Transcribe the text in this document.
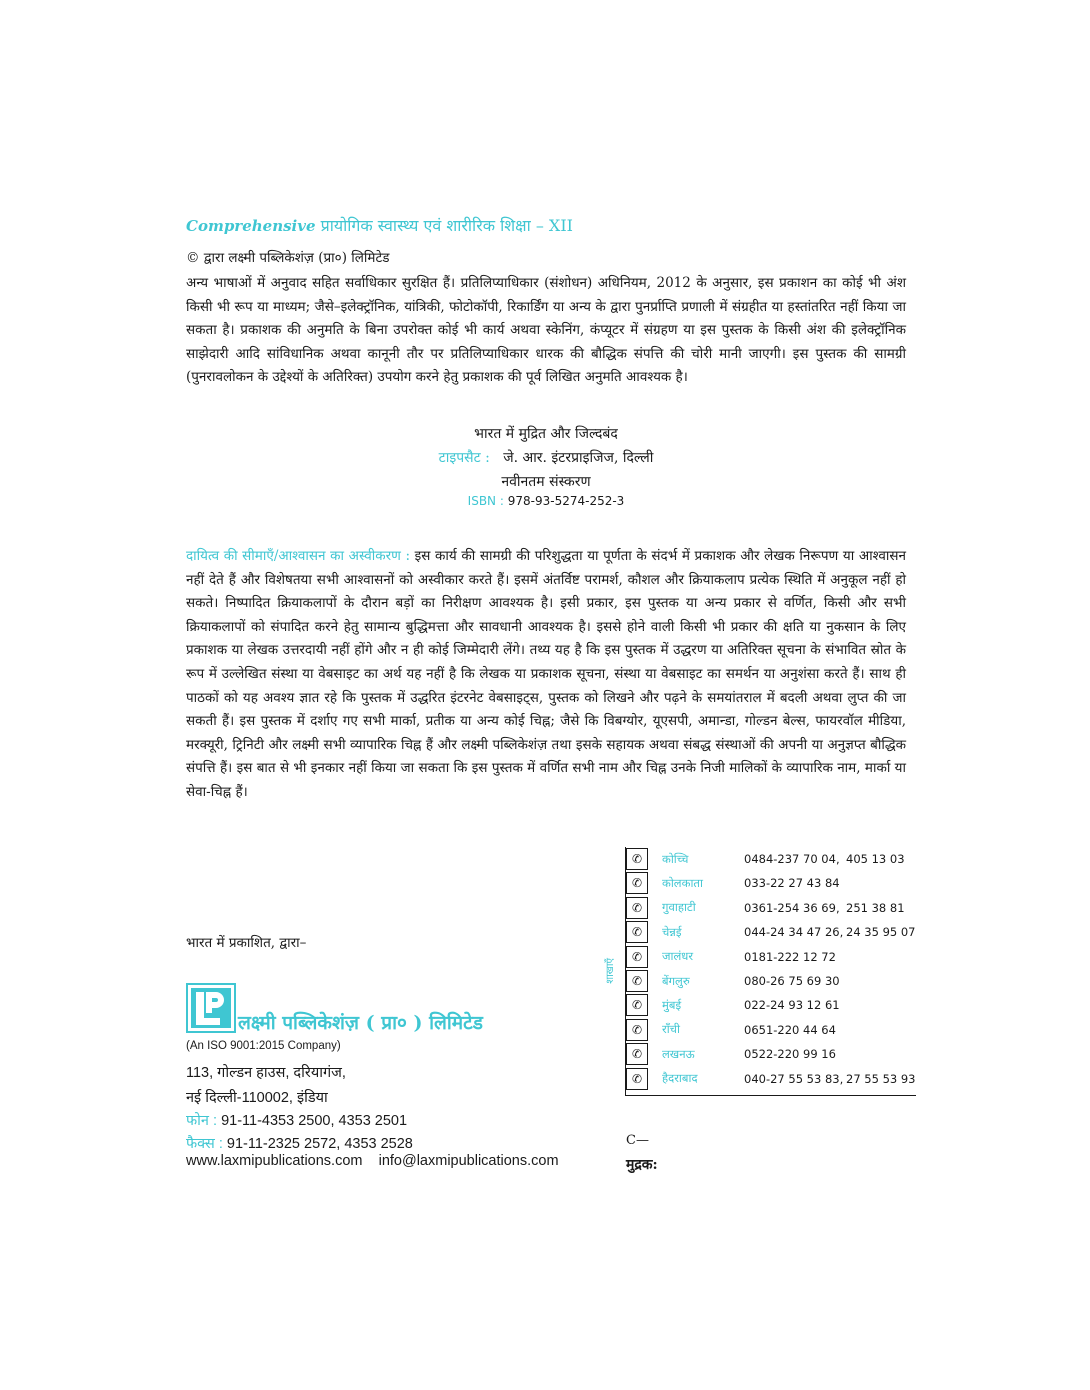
Comprehensive प्रायोगिक स्वास्थ्य एवं शारीरिक शिक्षा – XII
© द्वारा लक्ष्मी पब्लिकेशंज़ (प्रा०) लिमिटेड

अन्य भाषाओं में अनुवाद सहित सर्वाधिकार सुरक्षित हैं। प्रतिलिप्याधिकार (संशोधन) अधिनियम, 2012 के अनुसार, इस प्रकाशन का कोई भी अंश किसी भी रूप या माध्यम; जैसे–इलेक्ट्रॉनिक, यांत्रिकी, फोटोकॉपी, रिकार्डिंग या अन्य के द्वारा पुनर्प्राप्ति प्रणाली में संग्रहीत या हस्तांतरित नहीं किया जा सकता है। प्रकाशक की अनुमति के बिना उपरोक्त कोई भी कार्य अथवा स्केनिंग, कंप्यूटर में संग्रहण या इस पुस्तक के किसी अंश की इलेक्ट्रॉनिक साझेदारी आदि सांविधानिक अथवा कानूनी तौर पर प्रतिलिप्याधिकार धारक की बौद्धिक संपत्ति की चोरी मानी जाएगी। इस पुस्तक की सामग्री (पुनरावलोकन के उद्देश्यों के अतिरिक्त) उपयोग करने हेतु प्रकाशक की पूर्व लिखित अनुमति आवश्यक है।

भारत में मुद्रित और जिल्दबंद
टाइपसैट : जे. आर. इंटरप्राइजिज, दिल्ली
नवीनतम संस्करण
ISBN : 978-93-5274-252-3

दायित्व की सीमाएँ/आश्वासन का अस्वीकरण : इस कार्य की सामग्री की परिशुद्धता या पूर्णता के संदर्भ में प्रकाशक और लेखक निरूपण या आश्वासन नहीं देते हैं और विशेषतया सभी आश्वासनों को अस्वीकार करते हैं। इसमें अंतर्विष्ट परामर्श, कौशल और क्रियाकलाप प्रत्येक स्थिति में अनुकूल नहीं हो सकते। निष्पादित क्रियाकलापों के दौरान बड़ों का निरीक्षण आवश्यक है। इसी प्रकार, इस पुस्तक या अन्य प्रकार से वर्णित, किसी और सभी क्रियाकलापों को संपादित करने हेतु सामान्य बुद्धिमत्ता और सावधानी आवश्यक है। इससे होने वाली किसी भी प्रकार की क्षति या नुकसान के लिए प्रकाशक या लेखक उत्तरदायी नहीं होंगे और न ही कोई जिम्मेदारी लेंगे। तथ्य यह है कि इस पुस्तक में उद्धरण या अतिरिक्त सूचना के संभावित स्रोत के रूप में उल्लेखित संस्था या वेबसाइट का अर्थ यह नहीं है कि लेखक या प्रकाशक सूचना, संस्था या वेबसाइट का समर्थन या अनुशंसा करते हैं। साथ ही पाठकों को यह अवश्य ज्ञात रहे कि पुस्तक में उद्धरित इंटरनेट वेबसाइट्स, पुस्तक को लिखने और पढ़ने के समयांतराल में बदली अथवा लुप्त की जा सकती हैं। इस पुस्तक में दर्शाए गए सभी मार्का, प्रतीक या अन्य कोई चिह्न; जैसे कि विबग्योर, यूएसपी, अमान्डा, गोल्डन बेल्स, फायरवॉल मीडिया, मरक्यूरी, ट्रिनिटी और लक्ष्मी सभी व्यापारिक चिह्न हैं और लक्ष्मी पब्लिकेशंज़ तथा इसके सहायक अथवा संबद्ध संस्थाओं की अपनी या अनुज्ञप्त बौद्धिक संपत्ति हैं। इस बात से भी इनकार नहीं किया जा सकता कि इस पुस्तक में वर्णित सभी नाम और चिह्न उनके निजी मालिकों के व्यापारिक नाम, मार्का या सेवा-चिह्न हैं।

भारत में प्रकाशित, द्वारा–
लक्ष्मी पब्लिकेशंज़ ( प्रा० ) लिमिटेड
(An ISO 9001:2015 Company)
113, गोल्डन हाउस, दरियागंज,
नई दिल्ली-110002, इंडिया
फोन : 91-11-4353 2500, 4353 2501
फैक्स : 91-11-2325 2572, 4353 2528
www.laxmipublications.com info@laxmipublications.com
शाखाएँ
✆	कोच्चि	0484-237 70 04, 405 13 03
✆	कोलकाता	033-22 27 43 84
✆	गुवाहाटी	0361-254 36 69, 251 38 81
✆	चेन्नई	044-24 34 47 26, 24 35 95 07
✆	जालंधर	0181-222 12 72
✆	बेंगलुरु	080-26 75 69 30
✆	मुंबई	022-24 93 12 61
✆	राँची	0651-220 44 64
✆	लखनऊ	0522-220 99 16
✆	हैदराबाद	040-27 55 53 83, 27 55 53 93
C—
मुद्रक:
